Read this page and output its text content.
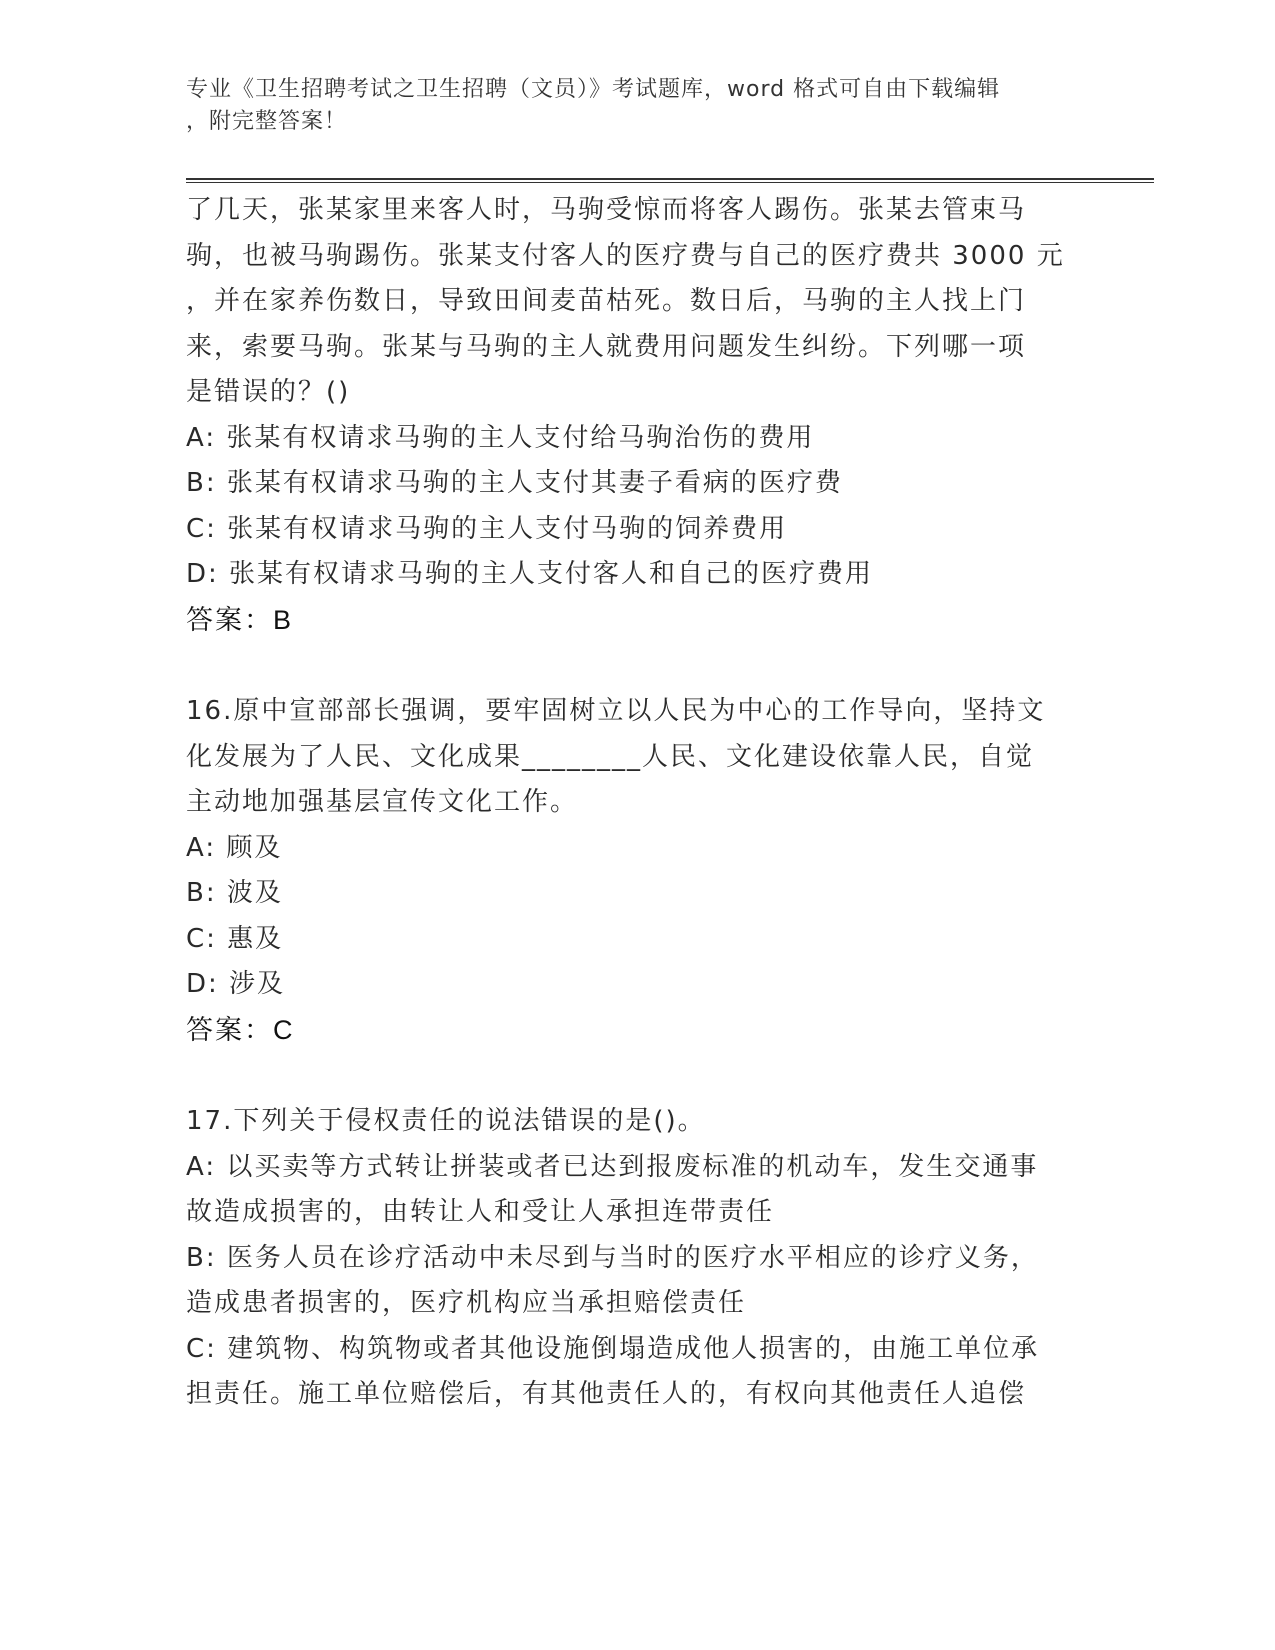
专业《卫生招聘考试之卫生招聘（文员）》考试题库，word 格式可自由下载编辑
，附完整答案！

了几天，张某家里来客人时，马驹受惊而将客人踢伤。张某去管束马

驹，也被马驹踢伤。张某支付客人的医疗费与自己的医疗费共 3000 元

，并在家养伤数日，导致田间麦苗枯死。数日后，马驹的主人找上门

来，索要马驹。张某与马驹的主人就费用问题发生纠纷。下列哪一项

是错误的？()

A: 张某有权请求马驹的主人支付给马驹治伤的费用

B: 张某有权请求马驹的主人支付其妻子看病的医疗费

C: 张某有权请求马驹的主人支付马驹的饲养费用

D: 张某有权请求马驹的主人支付客人和自己的医疗费用

答案：B

16.原中宣部部长强调，要牢固树立以人民为中心的工作导向，坚持文

化发展为了人民、文化成果________人民、文化建设依靠人民，自觉

主动地加强基层宣传文化工作。

A: 顾及

B: 波及

C: 惠及

D: 涉及

答案：C

17.下列关于侵权责任的说法错误的是()。

A: 以买卖等方式转让拼装或者已达到报废标准的机动车，发生交通事

故造成损害的，由转让人和受让人承担连带责任

B: 医务人员在诊疗活动中未尽到与当时的医疗水平相应的诊疗义务，

造成患者损害的，医疗机构应当承担赔偿责任

C: 建筑物、构筑物或者其他设施倒塌造成他人损害的，由施工单位承

担责任。施工单位赔偿后，有其他责任人的，有权向其他责任人追偿
